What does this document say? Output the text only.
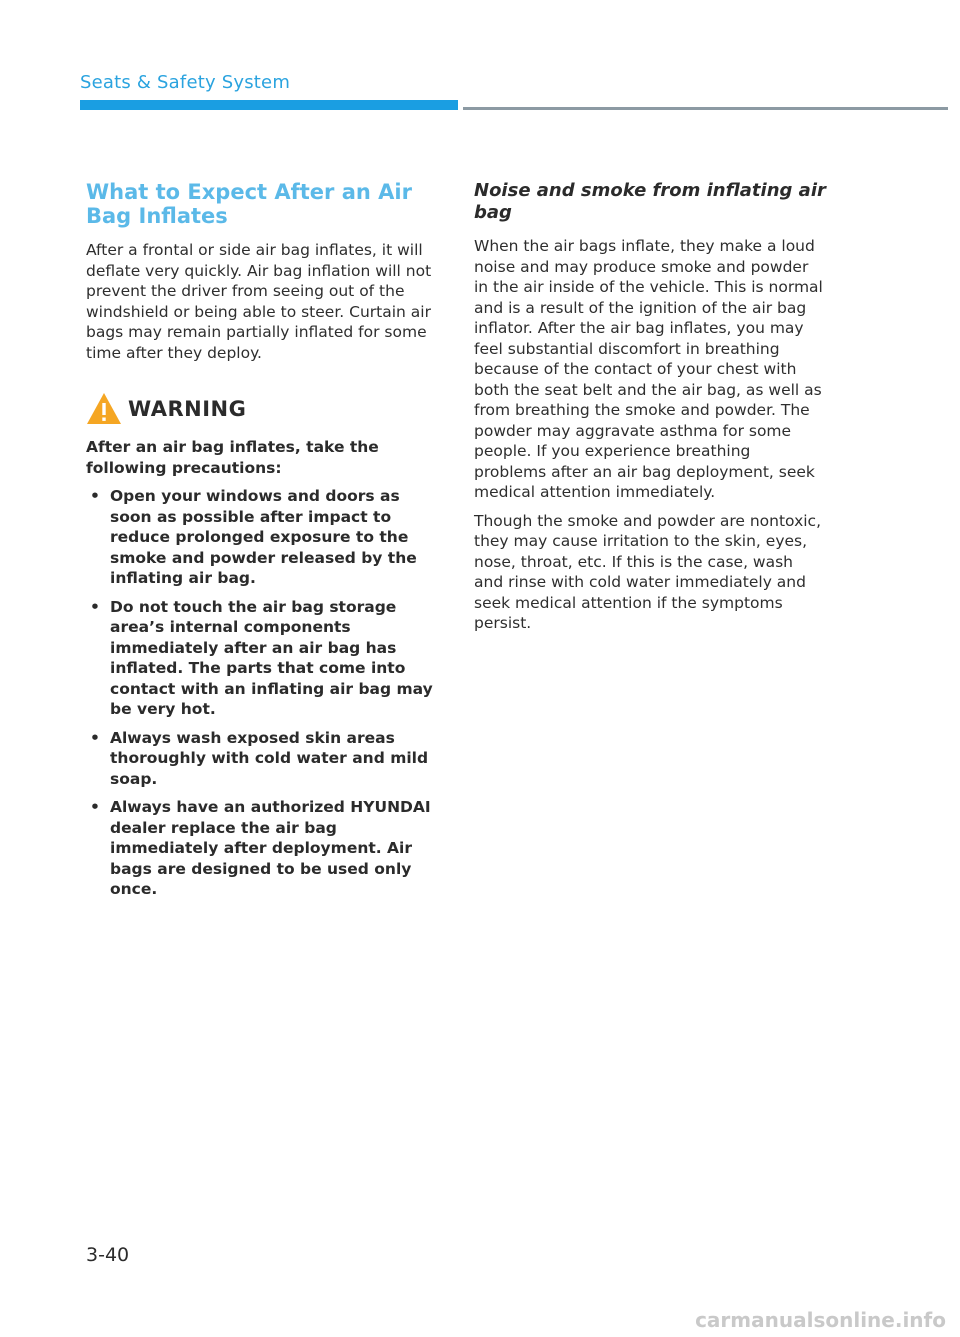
Seats & Safety System
What to Expect After an Air Bag Inflates

After a frontal or side air bag inflates, it will deflate very quickly. Air bag inflation will not prevent the driver from seeing out of the windshield or being able to steer. Curtain air bags may remain partially inflated for some time after they deploy.

WARNING

After an air bag inflates, take the following precautions:

• Open your windows and doors as soon as possible after impact to reduce prolonged exposure to the smoke and powder released by the inflating air bag.
• Do not touch the air bag storage area’s internal components immediately after an air bag has inflated. The parts that come into contact with an inflating air bag may be very hot.
• Always wash exposed skin areas thoroughly with cold water and mild soap.
• Always have an authorized HYUNDAI dealer replace the air bag immediately after deployment. Air bags are designed to be used only once.
Noise and smoke from inflating air bag

When the air bags inflate, they make a loud noise and may produce smoke and powder in the air inside of the vehicle. This is normal and is a result of the ignition of the air bag inflator. After the air bag inflates, you may feel substantial discomfort in breathing because of the contact of your chest with both the seat belt and the air bag, as well as from breathing the smoke and powder. The powder may aggravate asthma for some people. If you experience breathing problems after an air bag deployment, seek medical attention immediately.

Though the smoke and powder are nontoxic, they may cause irritation to the skin, eyes, nose, throat, etc. If this is the case, wash and rinse with cold water immediately and seek medical attention if the symptoms persist.

3-40
carmanualsonline.info
